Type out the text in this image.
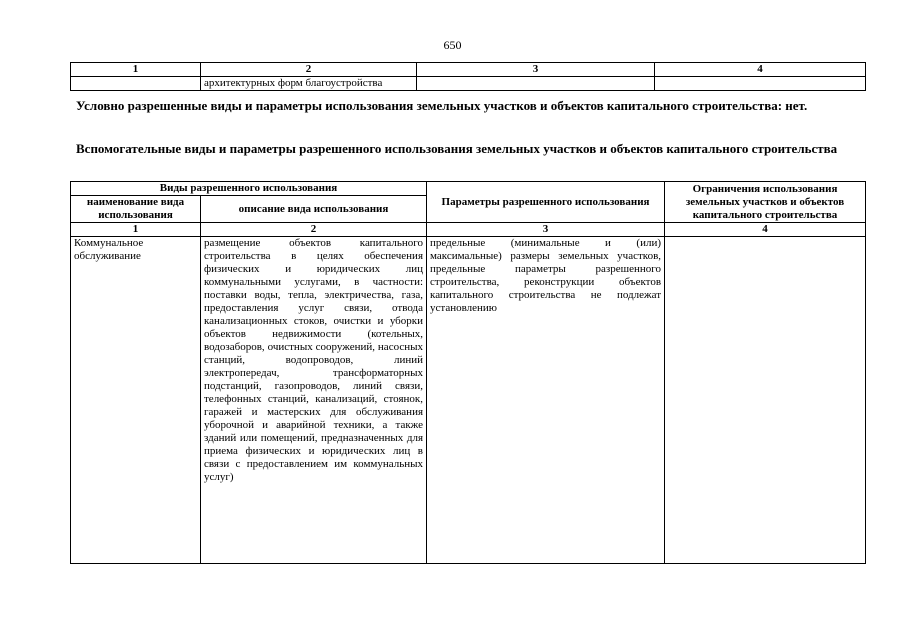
650
1	2	3	4
	архитектурных форм благоустройства		
Условно разрешенные виды и параметры использования земельных участков и объектов капитального строительства: нет.
Вспомогательные виды и параметры разрешенного использования земельных участков и объектов капитального строительства
Виды разрешенного использования		Параметры разрешенного использования	Ограничения использования земельных участков и объектов капитального строительства
наименование вида использования	описание вида использования		
1	2	3	4
Коммунальное обслуживание	размещение объектов капитального строительства в целях обеспечения физических и юридических лиц коммунальными услугами, в частности: поставки воды, тепла, электричества, газа, предоставления услуг связи, отвода канализационных стоков, очистки и уборки объектов недвижимости (котельных, водозаборов, очистных сооружений, насосных станций, водопроводов, линий электропередач, трансформаторных подстанций, газопроводов, линий связи, телефонных станций, канализаций, стоянок, гаражей и мастерских для обслуживания уборочной и аварийной техники, а также зданий или помещений, предназначенных для приема физических и юридических лиц в связи с предоставлением им коммунальных услуг)	предельные (минимальные и (или) максимальные) размеры земельных участков, предельные параметры разрешенного строительства, реконструкции объектов капитального строительства не подлежат установлению	
